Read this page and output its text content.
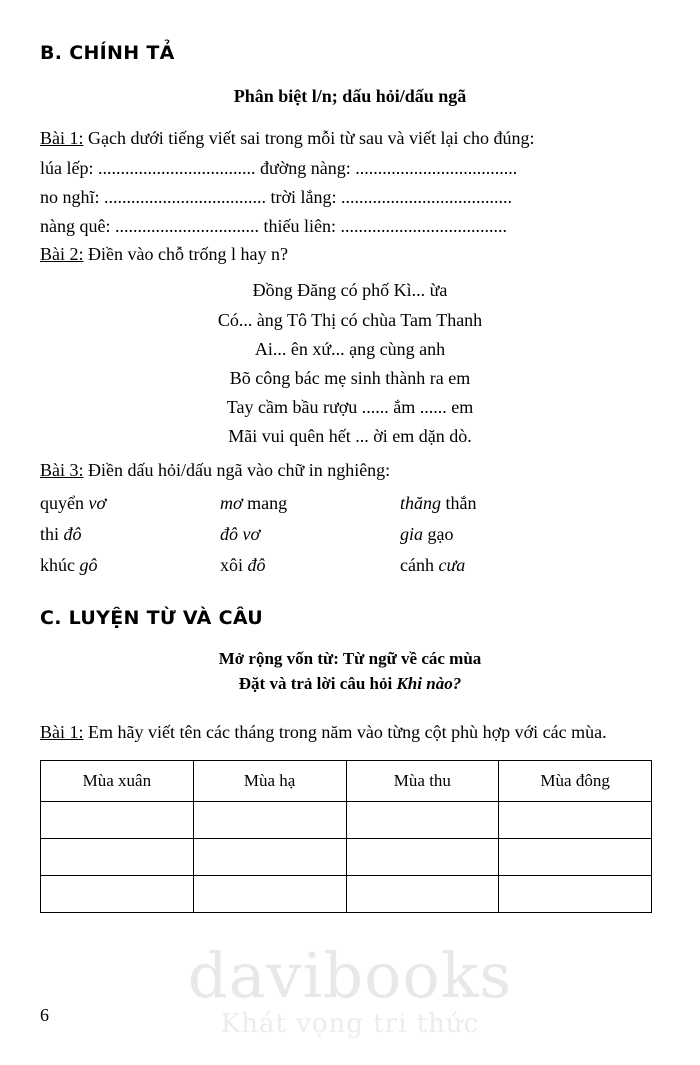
B. CHÍNH TẢ
Phân biệt l/n; dấu hỏi/dấu ngã

Bài 1: Gạch dưới tiếng viết sai trong mỗi từ sau và viết lại cho đúng:

lúa lếp: ................................... đường nàng: ....................................
no nghĩ: .................................... trời lắng: ......................................
nàng quê: ................................ thiếu liên: .....................................

Bài 2: Điền vào chỗ trống l hay n?

Đồng Đăng có phố Kì... ừa
Có... àng Tô Thị có chùa Tam Thanh
Ai... ên xứ... ạng cùng anh
Bõ công bác mẹ sinh thành ra em
Tay cầm bầu rượu ...... ắm ...... em
Mãi vui quên hết ... ời em dặn dò.

Bài 3: Điền dấu hỏi/dấu ngã vào chữ in nghiêng:

quyển vơ	mơ mang	thăng thắn
thi đô	đô vơ	gia gạo
khúc gô	xôi đô	cánh cưa
C. LUYỆN TỪ VÀ CÂU
Mở rộng vốn từ: Từ ngữ về các mùa
Đặt và trả lời câu hỏi Khi nào?

Bài 1: Em hãy viết tên các tháng trong năm vào từng cột phù hợp với các mùa.

Mùa xuân	Mùa hạ	Mùa thu	Mùa đông

davibooks
Khát vọng tri thức
6
